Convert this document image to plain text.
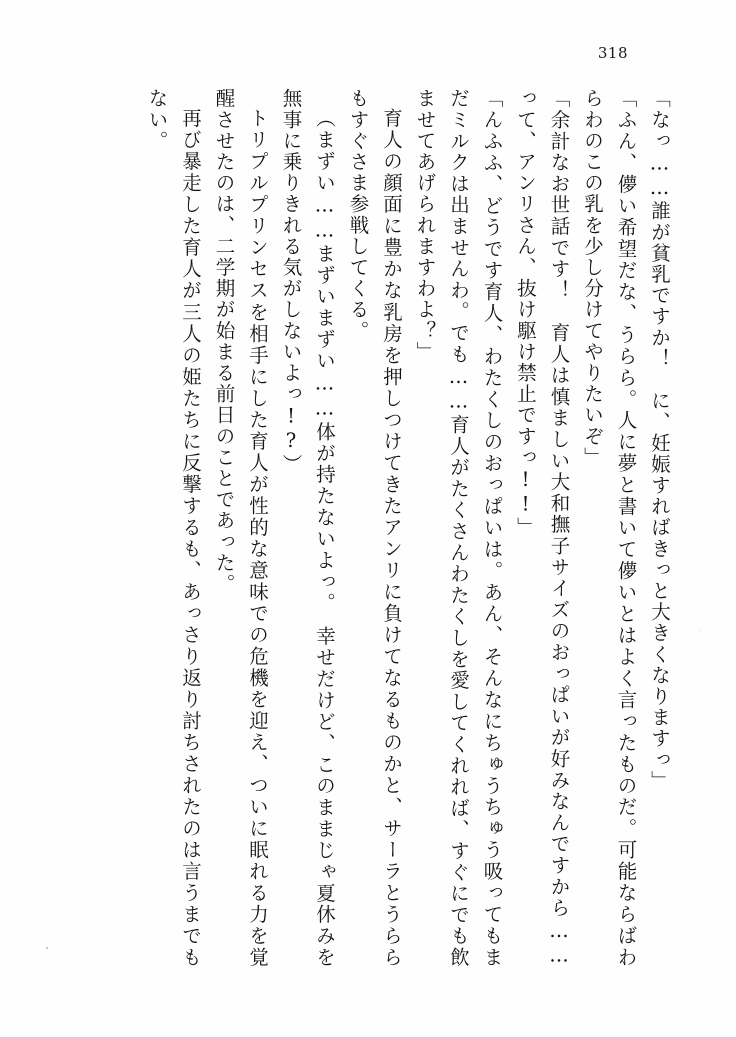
318

「なっ……誰が貧乳ですか！　に、妊娠すればきっと大きくなりますっ」

「ふん、儚い希望だな、うらら。人に夢と書いて儚いとはよく言ったものだ。可能ならばわらわのこの乳を少し分けてやりたいぞ」

「余計なお世話です！　育人は慎ましい大和撫子サイズのおっぱいが好みなんですから……って、アンリさん、抜け駆け禁止ですっ!!」

「んふふ、どうです育人、わたくしのおっぱいは。あん、そんなにちゅうちゅう吸ってもまだミルクは出ませんわ。でも……育人がたくさんわたくしを愛してくれれば、すぐにでも飲ませてあげられますわよ？」

育人の顔面に豊かな乳房を押しつけてきたアンリに負けてなるものかと、サーラとうららもすぐさま参戦してくる。

（まずい……まずいまずい……体が持たないよっ。　幸せだけど、このままじゃ夏休みを無事に乗りきれる気がしないよっ!?）

トリプルプリンセスを相手にした育人が性的な意味での危機を迎え、ついに眠れる力を覚醒させたのは、二学期が始まる前日のことであった。

再び暴走した育人が三人の姫たちに反撃するも、あっさり返り討ちされたのは言うまでもない。
